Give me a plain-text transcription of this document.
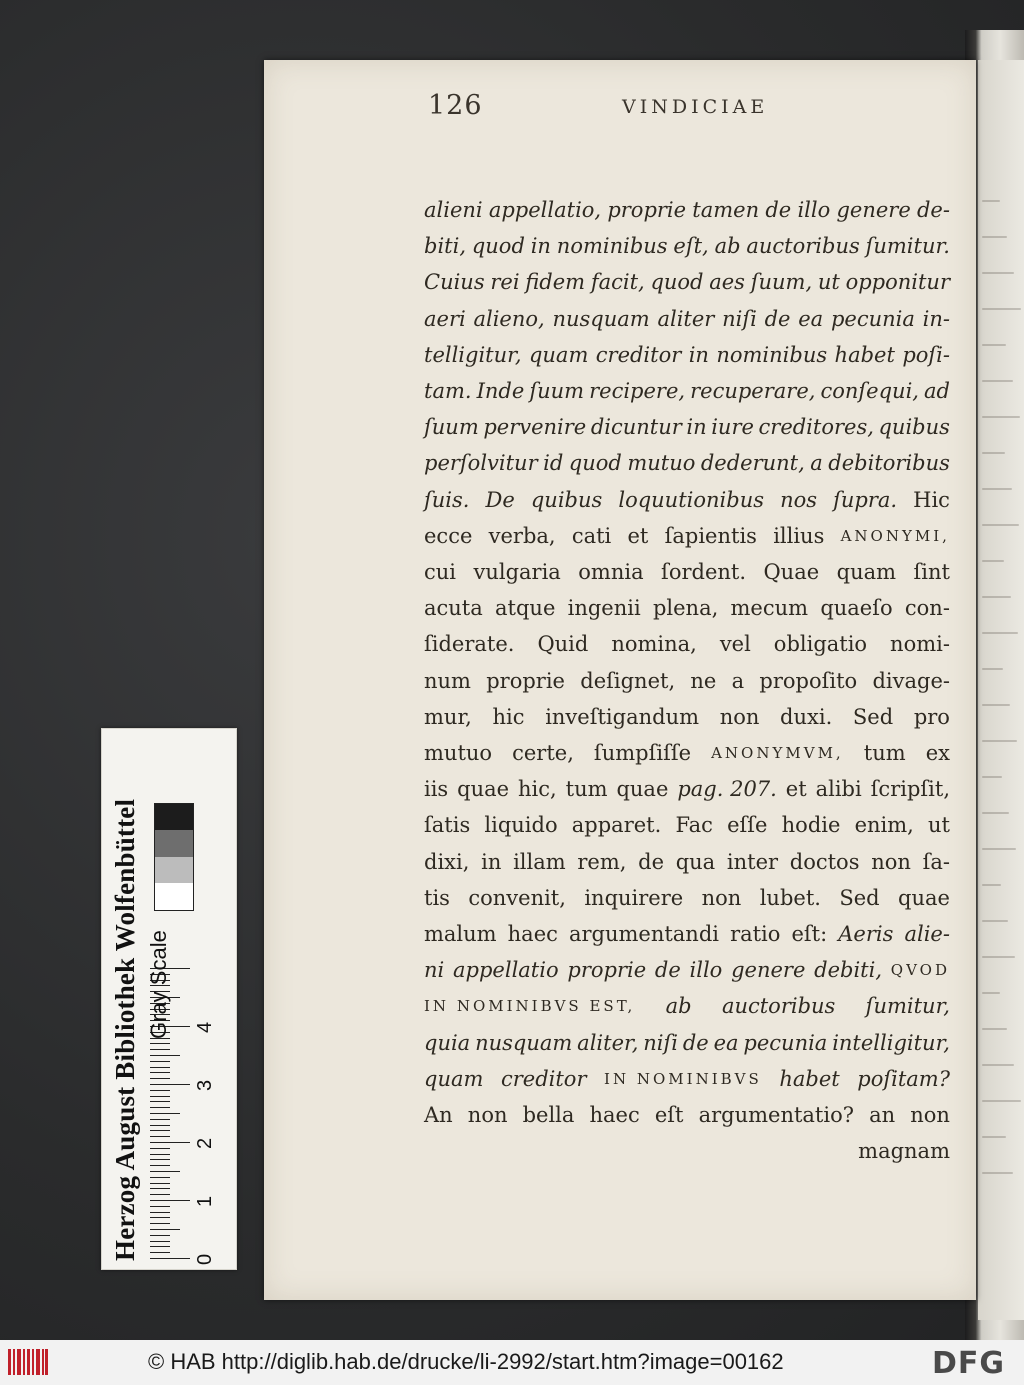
126	VINDICIAE
alieni appellatio, proprie tamen de illo genere de-
biti, quod in nominibus eſt, ab auctoribus ſumitur.
Cuius rei fidem facit, quod aes ſuum, ut opponitur
aeri alieno, nusquam aliter niſi de ea pecunia in-
telligitur, quam creditor in nominibus habet poſi-
tam. Inde ſuum recipere, recuperare, conſequi, ad
ſuum pervenire dicuntur in iure creditores, quibus
perſolvitur id quod mutuo dederunt, a debitoribus
ſuis. De quibus loquutionibus nos ſupra. Hic
ecce verba, cati et ſapientis illius ANONYMI,
cui vulgaria omnia ſordent. Quae quam ſint
acuta atque ingenii plena, mecum quaeſo con-
ſiderate. Quid nomina, vel obligatio nomi-
num proprie deſignet, ne a propoſito divage-
mur, hic inveſtigandum non duxi. Sed pro
mutuo certe, ſumpſiſſe ANONYMVM, tum ex
iis quae hic, tum quae pag. 207. et alibi ſcripſit,
ſatis liquido apparet. Fac eſſe hodie enim, ut
dixi, in illam rem, de qua inter doctos non ſa-
tis convenit, inquirere non lubet. Sed quae
malum haec argumentandi ratio eſt: Aeris alie-
ni appellatio proprie de illo genere debiti, QVOD
IN NOMINIBVS EST, ab auctoribus ſumitur,
quia nusquam aliter, niſi de ea pecunia intelligitur,
quam creditor IN NOMINIBVS habet poſitam?
An non bella haec eſt argumentatio? an non
magnam
Herzog August Bibliothek Wolfenbüttel	0
1
2
3
4
Gray Scale
© HAB http://diglib.hab.de/drucke/li-2992/start.htm?image=00162	DFG
